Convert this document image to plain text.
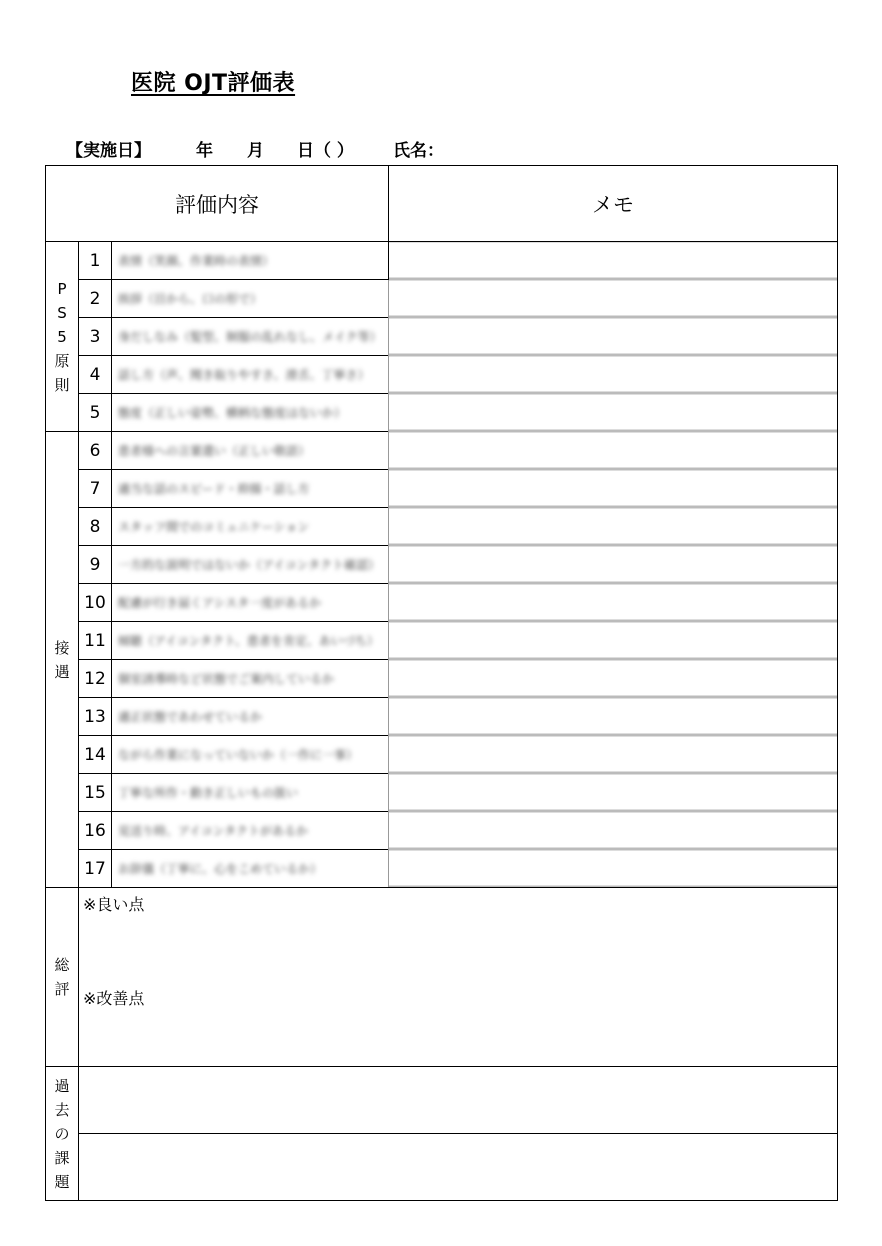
医院 OJT評価表
【実施日】	年 月 日（ ） 氏名：
評価内容			メモ

P
S
5
原
則	1	表情（笑顔、作業時の表情）	
	2	挨拶（目から、口の形で）	
	3	身だしなみ（髪型、制服の乱れなし、メイク等）	
	4	話し方（声、聞き取りやすさ、滑舌、丁寧さ）	
	5	態度（正しい姿勢、横柄な態度はないか）	

接
遇	6	患者様への言葉遣い（正しい敬語）	
	7	適当な話のスピード・抑揚・話し方	
	8	スタッフ間でのコミュニケーション	
	9	一方的な説明ではないか（アイコンタクト確認）	
	10	配慮が行き届くアシスタ一度があるか	
	11	傾聴（アイコンタクト、患者を肯定、あいづち）	
	12	個室誘導時など状態でご案内しているか	
	13	適正状態であわせているか	
	14	ながら作業になっていないか（一作に一事）	
	15	丁寧な所作・動き正しいもの扱い	
	16	見送り時、アイコンタクトがあるか	
	17	お辞儀（丁寧に、心をこめているか）	

総
評	※良い点
※改善点		

過
去
の
課
題			
